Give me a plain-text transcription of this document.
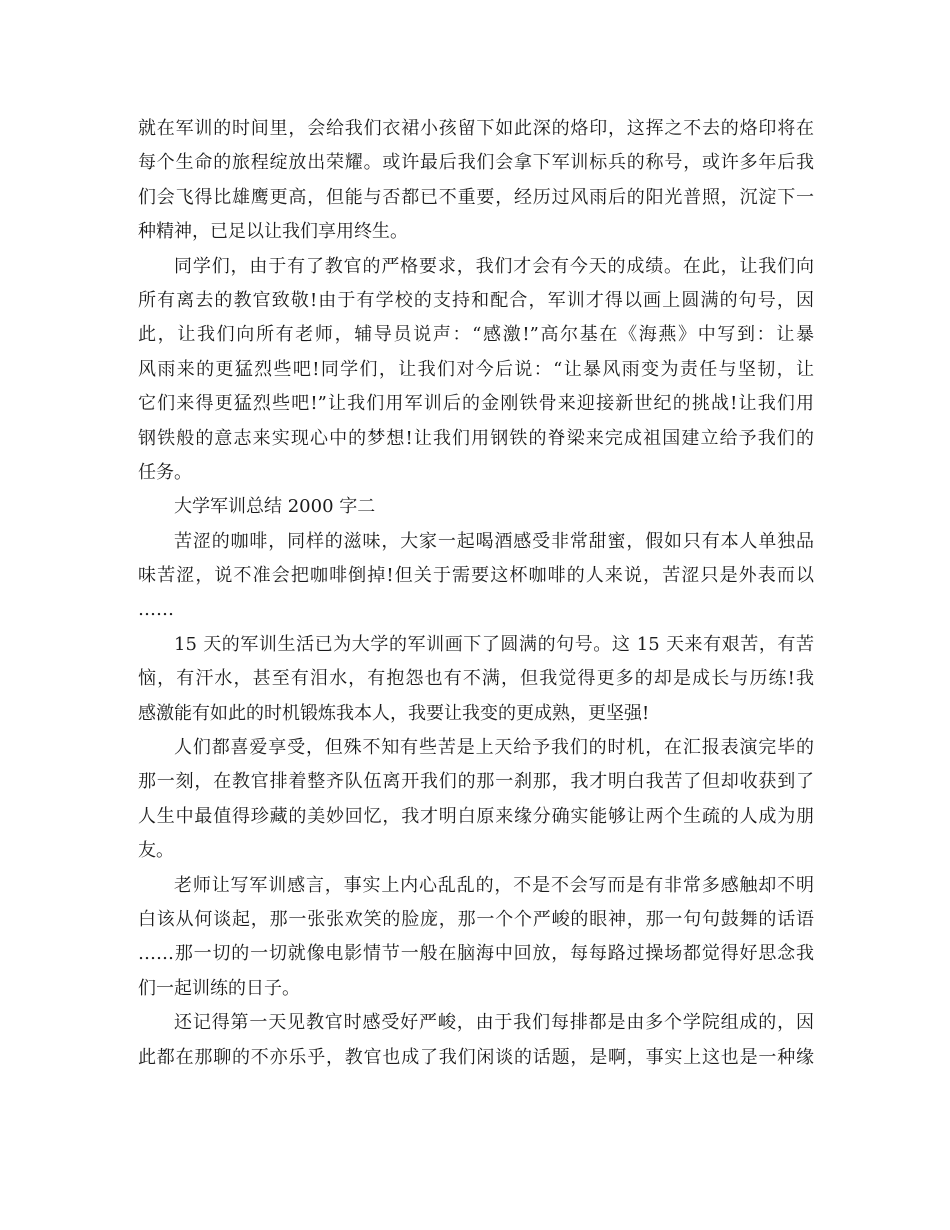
就在军训的时间里，会给我们衣裙小孩留下如此深的烙印，这挥之不去的烙印将在
每个生命的旅程绽放出荣耀。或许最后我们会拿下军训标兵的称号，或许多年后我
们会飞得比雄鹰更高，但能与否都已不重要，经历过风雨后的阳光普照，沉淀下一
种精神，已足以让我们享用终生。
同学们，由于有了教官的严格要求，我们才会有今天的成绩。在此，让我们向
所有离去的教官致敬!由于有学校的支持和配合，军训才得以画上圆满的句号，因
此，让我们向所有老师，辅导员说声：“感激!”高尔基在《海燕》中写到：让暴
风雨来的更猛烈些吧!同学们，让我们对今后说：“让暴风雨变为责任与坚韧，让
它们来得更猛烈些吧!”让我们用军训后的金刚铁骨来迎接新世纪的挑战!让我们用
钢铁般的意志来实现心中的梦想!让我们用钢铁的脊梁来完成祖国建立给予我们的
任务。
大学军训总结 2000 字二
苦涩的咖啡，同样的滋味，大家一起喝酒感受非常甜蜜，假如只有本人单独品
味苦涩，说不准会把咖啡倒掉!但关于需要这杯咖啡的人来说，苦涩只是外表而以
……
15 天的军训生活已为大学的军训画下了圆满的句号。这 15 天来有艰苦，有苦
恼，有汗水，甚至有泪水，有抱怨也有不满，但我觉得更多的却是成长与历练!我
感激能有如此的时机锻炼我本人，我要让我变的更成熟，更坚强!
人们都喜爱享受，但殊不知有些苦是上天给予我们的时机，在汇报表演完毕的
那一刻，在教官排着整齐队伍离开我们的那一刹那，我才明白我苦了但却收获到了
人生中最值得珍藏的美妙回忆，我才明白原来缘分确实能够让两个生疏的人成为朋
友。
老师让写军训感言，事实上内心乱乱的，不是不会写而是有非常多感触却不明
白该从何谈起，那一张张欢笑的脸庞，那一个个严峻的眼神，那一句句鼓舞的话语
……那一切的一切就像电影情节一般在脑海中回放，每每路过操场都觉得好思念我
们一起训练的日子。
还记得第一天见教官时感受好严峻，由于我们每排都是由多个学院组成的，因
此都在那聊的不亦乐乎，教官也成了我们闲谈的话题，是啊，事实上这也是一种缘
